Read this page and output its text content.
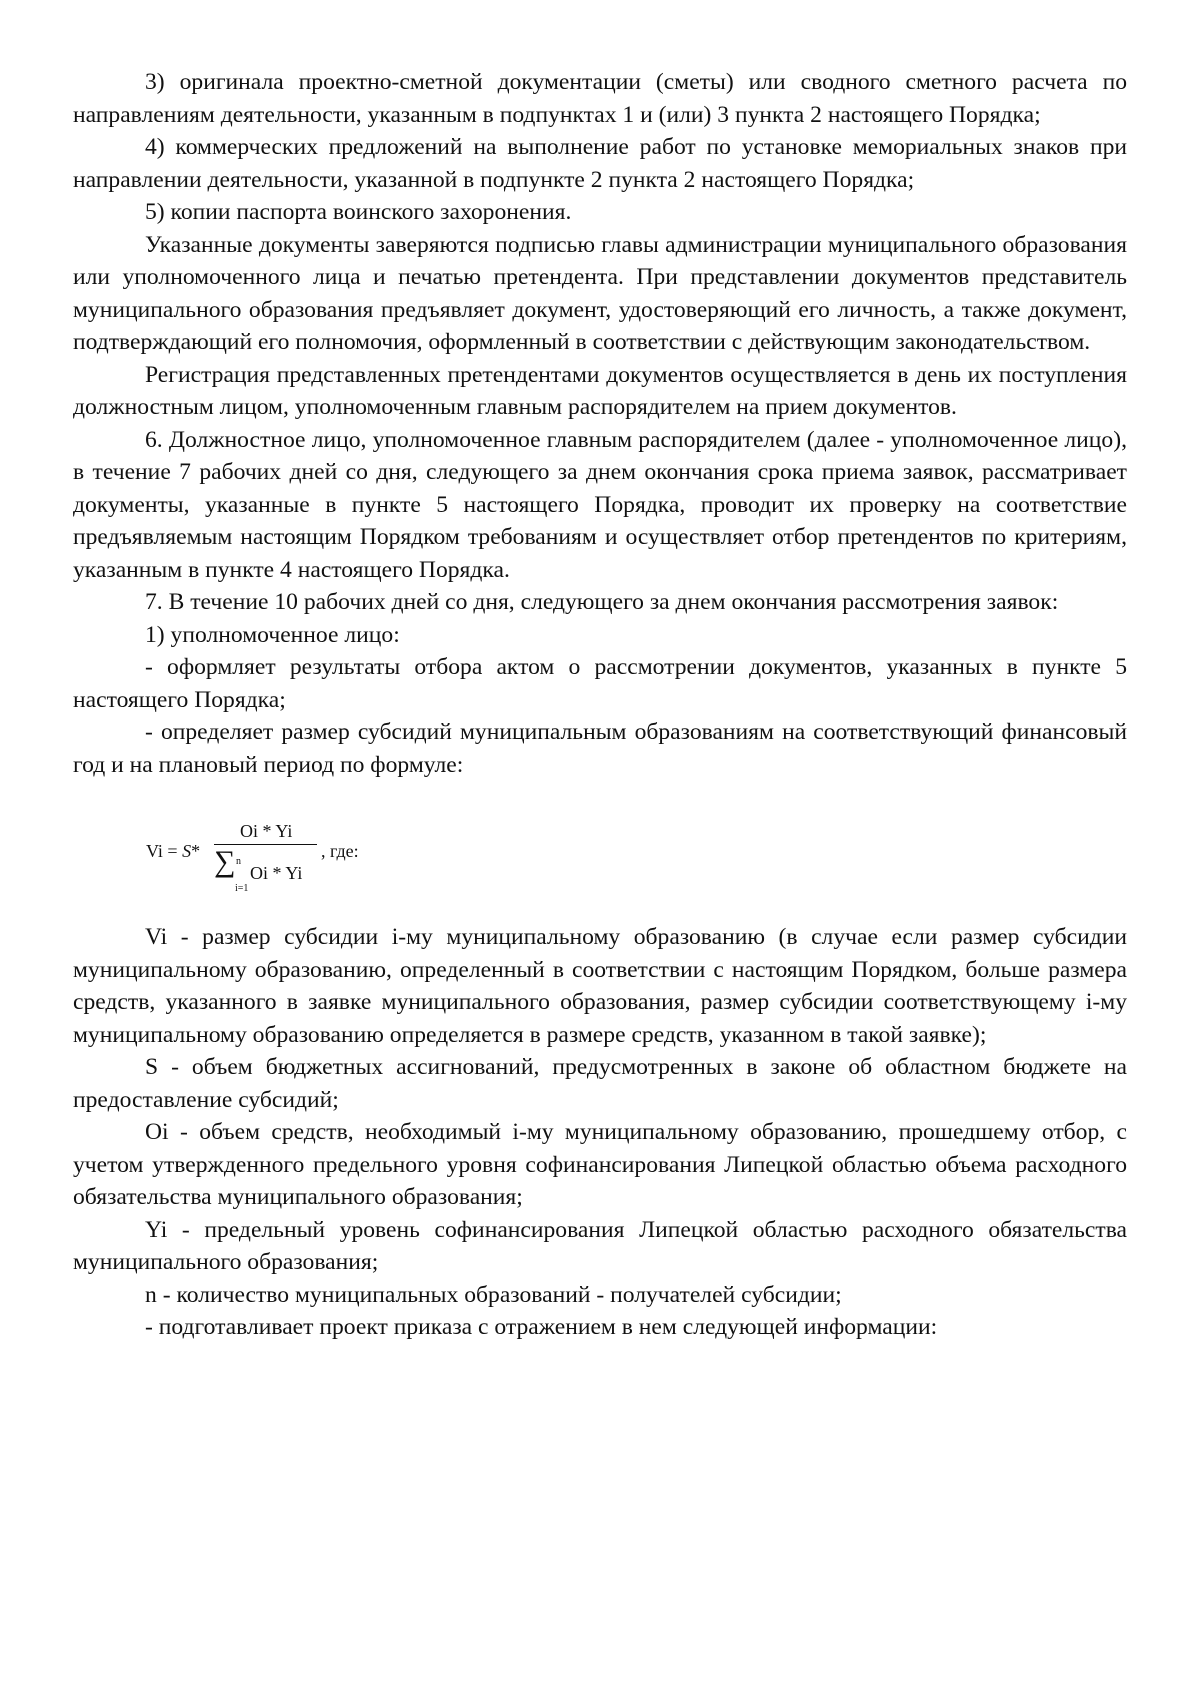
3) оригинала проектно-сметной документации (сметы) или сводного сметного расчета по направлениям деятельности, указанным в подпунктах 1 и (или) 3 пункта 2 настоящего Порядка;

4) коммерческих предложений на выполнение работ по установке мемориальных знаков при направлении деятельности, указанной в подпункте 2 пункта 2 настоящего Порядка;

5) копии паспорта воинского захоронения.

Указанные документы заверяются подписью главы администрации муниципального образования или уполномоченного лица и печатью претендента. При представлении документов представитель муниципального образования предъявляет документ, удостоверяющий его личность, а также документ, подтверждающий его полномочия, оформленный в соответствии с действующим законодательством.

Регистрация представленных претендентами документов осуществляется в день их поступления должностным лицом, уполномоченным главным распорядителем на прием документов.

6. Должностное лицо, уполномоченное главным распорядителем (далее - уполномоченное лицо), в течение 7 рабочих дней со дня, следующего за днем окончания срока приема заявок, рассматривает документы, указанные в пункте 5 настоящего Порядка, проводит их проверку на соответствие предъявляемым настоящим Порядком требованиям и осуществляет отбор претендентов по критериям, указанным в пункте 4 настоящего Порядка.

7. В течение 10 рабочих дней со дня, следующего за днем окончания рассмотрения заявок:

1) уполномоченное лицо:

- оформляет результаты отбора актом о рассмотрении документов, указанных в пункте 5 настоящего Порядка;

- определяет размер субсидий муниципальным образованиям на соответствующий финансовый год и на плановый период по формуле:

Vi = S*
Oi * Yi
∑ n
i=1
Oi * Yi
, где:

Vi - размер субсидии i-му муниципальному образованию (в случае если размер субсидии муниципальному образованию, определенный в соответствии с настоящим Порядком, больше размера средств, указанного в заявке муниципального образования, размер субсидии соответствующему i-му муниципальному образованию определяется в размере средств, указанном в такой заявке);

S - объем бюджетных ассигнований, предусмотренных в законе об областном бюджете на предоставление субсидий;

Oi - объем средств, необходимый i-му муниципальному образованию, прошедшему отбор, с учетом утвержденного предельного уровня софинансирования Липецкой областью объема расходного обязательства муниципального образования;

Yi - предельный уровень софинансирования Липецкой областью расходного обязательства муниципального образования;

n - количество муниципальных образований - получателей субсидии;

- подготавливает проект приказа с отражением в нем следующей информации:
